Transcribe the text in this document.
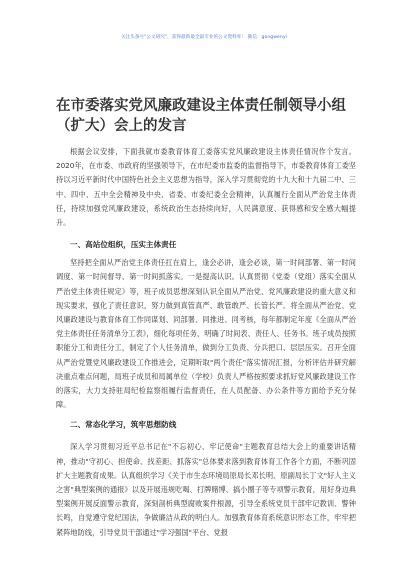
关注头条号"公文研究"，获得最新最全最专业的公文资料库！ 微信：gongwenyi
在市委落实党风廉政建设主体责任制领导小组（扩大）会上的发言

根据会议安排，下面我就市委教育体育工委落实党风廉政建设主体责任情况作个发言。2020年，在市委、市政府的坚强领导下，在市纪委市监委的监督指导下，市委教育体育工委坚持以习近平新时代中国特色社会主义思想为指导，深入学习贯彻党的十九大和十九届二中、三中、四中、五中全会精神及中央、省委、市委纪委全会精神，认真履行全面从严治党主体责任，持续加强党风廉政建设，系统政治生态持续向好，人民满意度、获得感和安全感大幅提升。

一、高站位组织，压实主体责任

坚持把全面从严治党主体责任扛在肩上，逢会必讲，逢会必谈，第一时间部署、第一时间调度、第一时间督导、第一时间抓落实。一是提高认识。认真贯彻《党委（党组）落实全面从严治党主体责任规定》等，班子成员思想深刻认识全面从严治党、党风廉政建设的重大意义和现实要求，强化了责任意识，努力做到真管真严、敢管敢严、长管长严。将全面从严治党、党风廉政建设与教育体育工作同谋划、同部署、同推进、同考核，每年都制定年度《全面从严治党主体责任任务清单分工表》，细化每项任务，明确了时间表、责任人、任务书。班子成员按照职能分工和责任分工，制定了个人任务清单，做到分工负责、分兵把口、层层压实。召开全面从严治党暨党风廉政建设工作推进会，定期听取"两个责任"落实情况汇报，分析评估并研究解决重点难点问题，局班子成员和局属单位（学校）负责人严格按照要求抓好党风廉政建设工作的落实，大力支持驻局纪检监察组履行监督责任，在人员配备、办公条件等方面给予充分保障。

二、常态化学习，筑牢思想防线

深入学习贯彻习近平总书记在"不忘初心、牢记使命"主题教育总结大会上的重要讲话精神，推动"守初心、担使命、找差距、抓落实"总体要求落到教育体育工作各个方面，不断巩固扩大主题教育成果。认真组织学习《关于市生态环境局原局长邓长明、原副局长丁文"好人主义之害"典型案例的通报》以及开展违规吃喝、打牌赌博、搞小圈子等专项警示教育，用好身边典型案例开展反面警示教育，深刻剖析典型腐败案件根源，引导全系统党员干部牢记教训、警钟长鸣，自觉遵守党纪国法，争做廉洁从政的明白人。加强教育体育系统意识形态工作，牢牢把紧阵地防线，引导党员干部通过"学习强国"平台、党报
